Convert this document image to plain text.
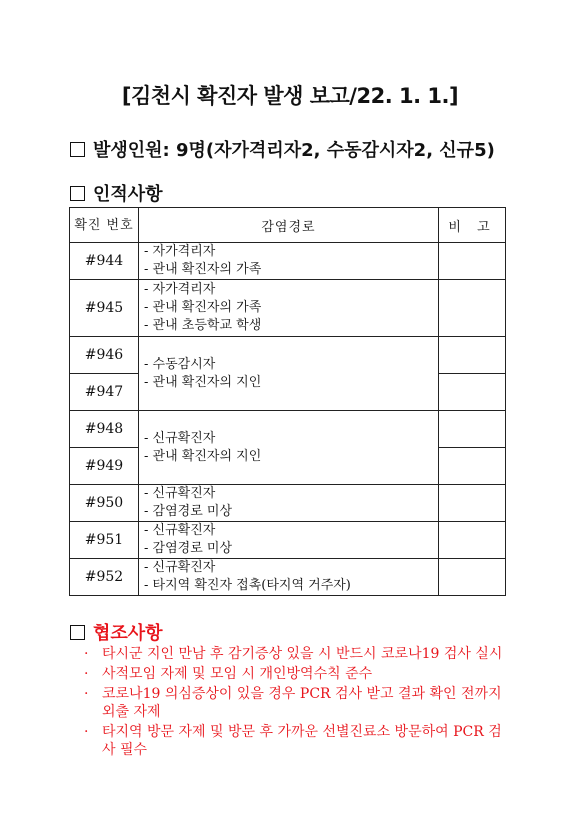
[김천시 확진자 발생 보고/22. 1. 1.]
발생인원: 9명(자가격리자2, 수동감시자2, 신규5)
인적사항
확진 번호	감염경로	비 고
#944	- 자가격리자
- 관내 확진자의 가족	

#945	- 자가격리자
- 관내 확진자의 가족
- 관내 초등학교 학생	

#946	- 수동감시자
- 관내 확진자의 지인	

#947		
#948	- 신규확진자
- 관내 확진자의 지인	

#949		
#950	- 신규확진자
- 감염경로 미상	

#951	- 신규확진자
- 감염경로 미상	

#952	- 신규확진자
- 타지역 확진자 접촉(타지역 거주자)	

협조사항
· 타시군 지인 만남 후 감기증상 있을 시 반드시 코로나19 검사 실시
· 사적모임 자제 및 모임 시 개인방역수칙 준수
· 코로나19 의심증상이 있을 경우 PCR 검사 받고 결과 확인 전까지 외출 자제
· 타지역 방문 자제 및 방문 후 가까운 선별진료소 방문하여 PCR 검사 필수
